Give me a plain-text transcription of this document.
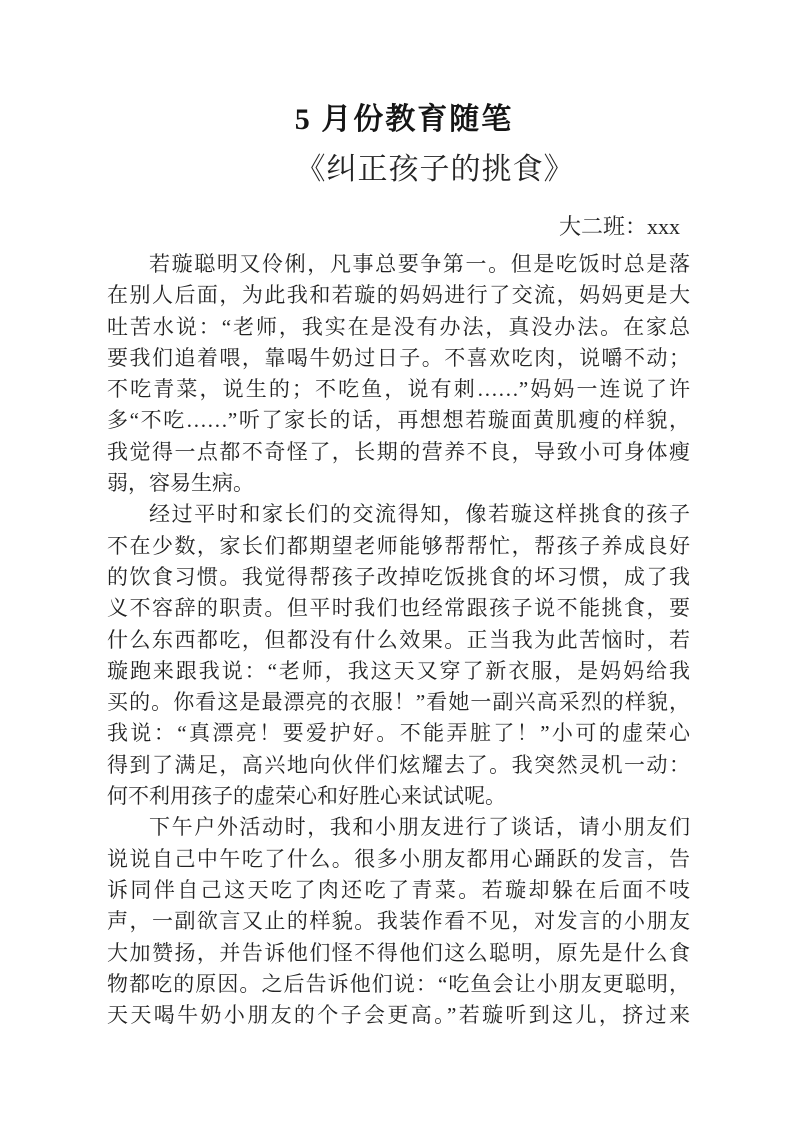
5 月份教育随笔
《纠正孩子的挑食》
大二班：xxx
若璇聪明又伶俐，凡事总要争第一。但是吃饭时总是落
在别人后面，为此我和若璇的妈妈进行了交流，妈妈更是大
吐苦水说：“老师，我实在是没有办法，真没办法。在家总
要我们追着喂，靠喝牛奶过日子。不喜欢吃肉，说嚼不动；
不吃青菜，说生的；不吃鱼，说有刺……”妈妈一连说了许
多“不吃……”听了家长的话，再想想若璇面黄肌瘦的样貌，
我觉得一点都不奇怪了，长期的营养不良，导致小可身体瘦
弱，容易生病。
经过平时和家长们的交流得知，像若璇这样挑食的孩子
不在少数，家长们都期望老师能够帮帮忙，帮孩子养成良好
的饮食习惯。我觉得帮孩子改掉吃饭挑食的坏习惯，成了我
义不容辞的职责。但平时我们也经常跟孩子说不能挑食，要
什么东西都吃，但都没有什么效果。正当我为此苦恼时，若
璇跑来跟我说：“老师，我这天又穿了新衣服，是妈妈给我
买的。你看这是最漂亮的衣服！”看她一副兴高采烈的样貌，
我说：“真漂亮！要爱护好。不能弄脏了！”小可的虚荣心
得到了满足，高兴地向伙伴们炫耀去了。我突然灵机一动：
何不利用孩子的虚荣心和好胜心来试试呢。
下午户外活动时，我和小朋友进行了谈话，请小朋友们
说说自己中午吃了什么。很多小朋友都用心踊跃的发言，告
诉同伴自己这天吃了肉还吃了青菜。若璇却躲在后面不吱
声，一副欲言又止的样貌。我装作看不见，对发言的小朋友
大加赞扬，并告诉他们怪不得他们这么聪明，原先是什么食
物都吃的原因。之后告诉他们说：“吃鱼会让小朋友更聪明，
天天喝牛奶小朋友的个子会更高。”若璇听到这儿，挤过来
